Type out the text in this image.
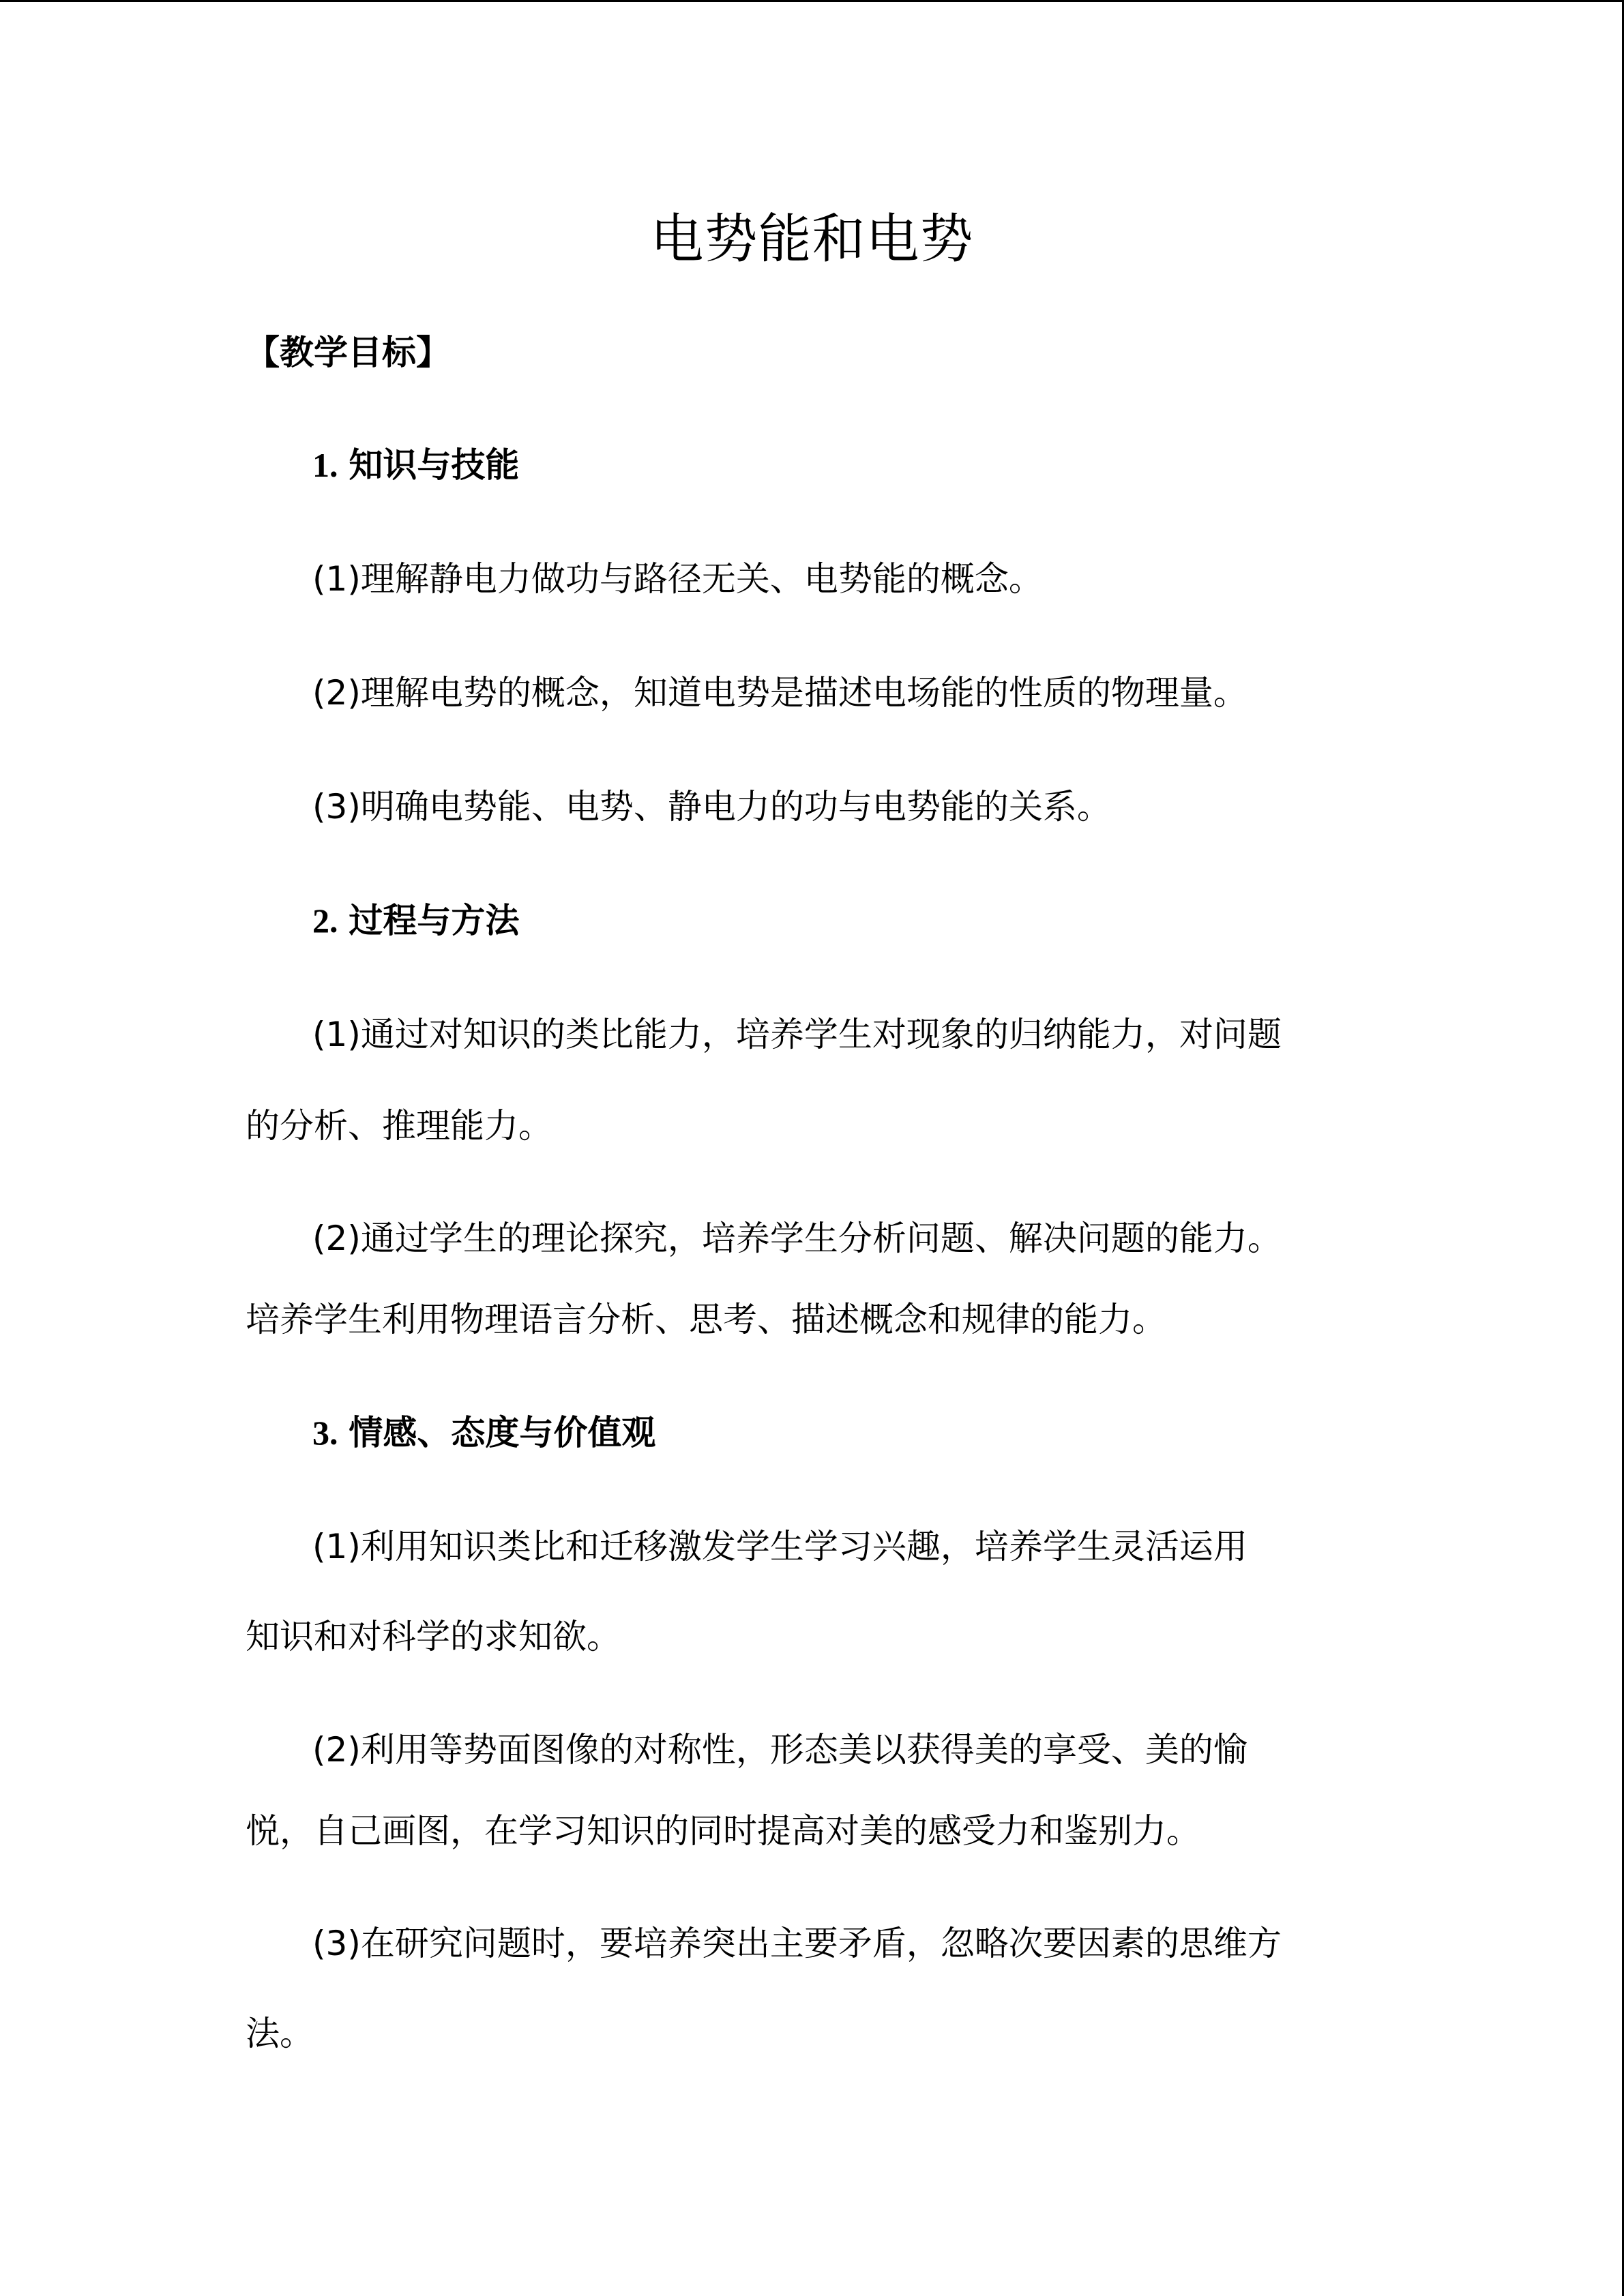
电势能和电势

【教学目标】

1. 知识与技能

(1)理解静电力做功与路径无关、电势能的概念。

(2)理解电势的概念，知道电势是描述电场能的性质的物理量。

(3)明确电势能、电势、静电力的功与电势能的关系。

2. 过程与方法

(1)通过对知识的类比能力，培养学生对现象的归纳能力，对问题

的分析、推理能力。

(2)通过学生的理论探究，培养学生分析问题、解决问题的能力。

培养学生利用物理语言分析、思考、描述概念和规律的能力。

3. 情感、态度与价值观

(1)利用知识类比和迁移激发学生学习兴趣，培养学生灵活运用

知识和对科学的求知欲。

(2)利用等势面图像的对称性，形态美以获得美的享受、美的愉

悦，自己画图，在学习知识的同时提高对美的感受力和鉴别力。

(3)在研究问题时，要培养突出主要矛盾，忽略次要因素的思维方

法。
